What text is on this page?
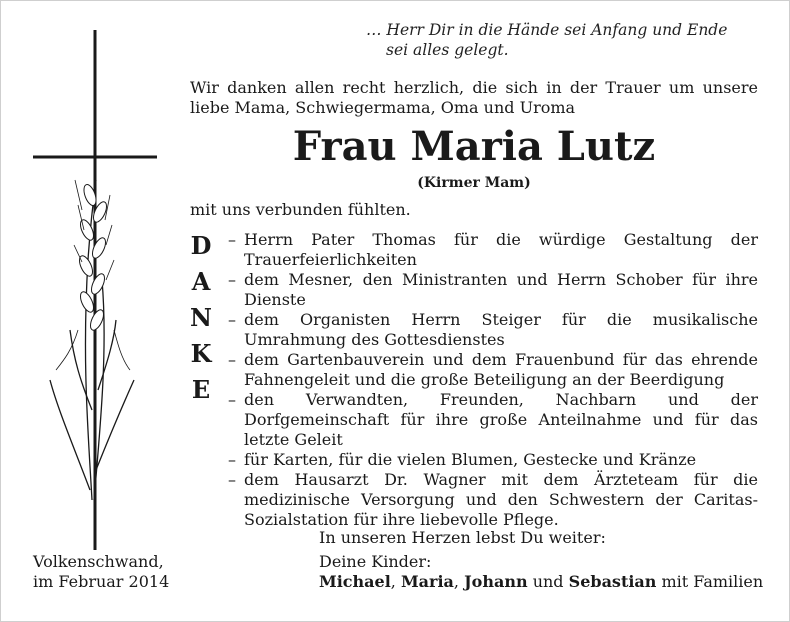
… Herr Dir in die Hände sei Anfang und Ende
sei alles gelegt.
Wir danken allen recht herzlich, die sich in der Trauer um unsere liebe Mama, Schwiegermama, Oma und Uroma
Frau Maria Lutz
(Kirmer Mam)
mit uns verbunden fühlten.
D
A
N
K
E
– Herrn Pater Thomas für die würdige Gestaltung der Trauerfeierlichkeiten
– dem Mesner, den Ministranten und Herrn Schober für ihre Dienste
– dem Organisten Herrn Steiger für die musikalische Umrahmung des Gottesdienstes
– dem Gartenbauverein und dem Frauenbund für das ehrende Fahnengeleit und die große Beteiligung an der Beerdigung
– den Verwandten, Freunden, Nachbarn und der Dorfgemeinschaft für ihre große Anteilnahme und für das letzte Geleit
– für Karten, für die vielen Blumen, Gestecke und Kränze
– dem Hausarzt Dr. Wagner mit dem Ärzteteam für die medizinische Versorgung und den Schwestern der Caritas-Sozialstation für ihre liebevolle Pflege.
In unseren Herzen lebst Du weiter:
Volkenschwand,
im Februar 2014
Deine Kinder:
Michael, Maria, Johann und Sebastian mit Familien
